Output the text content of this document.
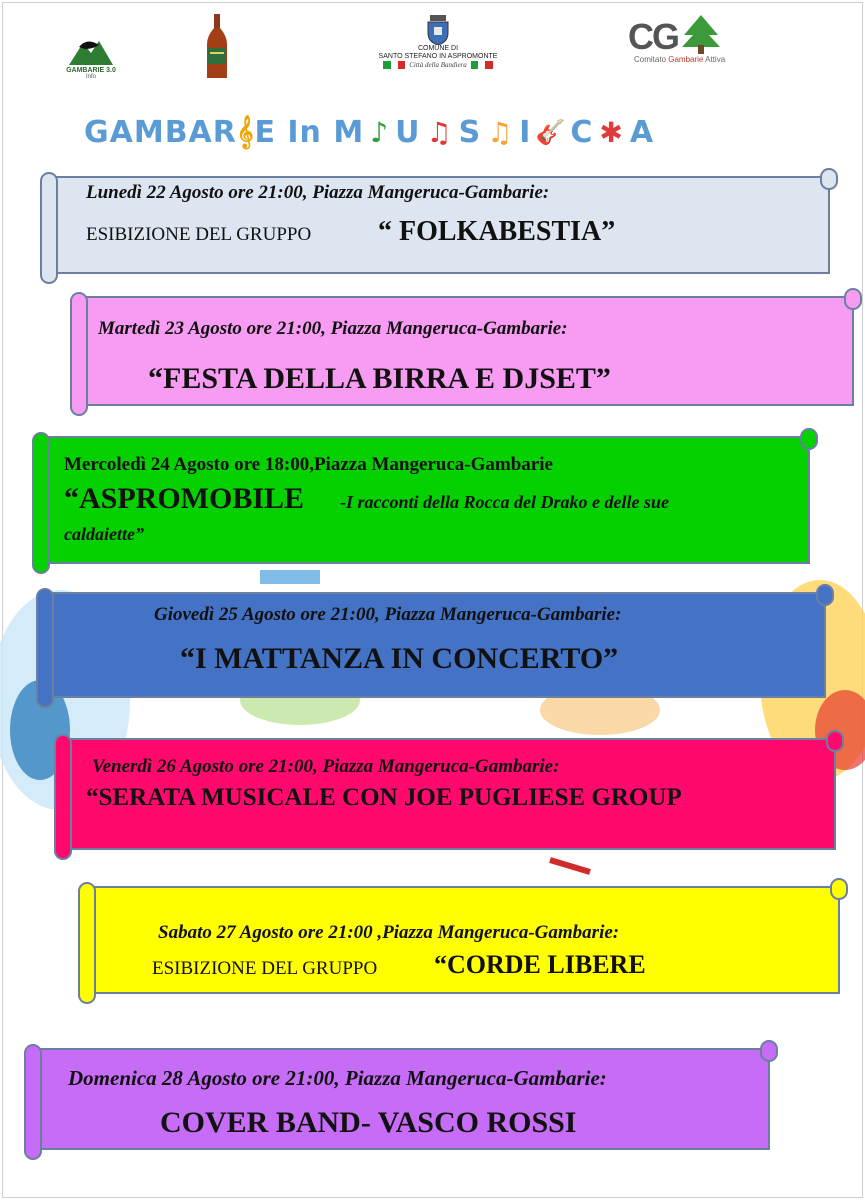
GAMBARIE 3.0
Info
COMUNE DI
SANTO STEFANO IN ASPROMONTE
Città della Bandiera
CG
Comitato Gambarie Attiva
GAMBAR 𝄞 E In M ♪ U ♫ S ♫ I 🎸 C ✱ A
Lunedì 22 Agosto ore 21:00, Piazza Mangeruca-Gambarie:
ESIBIZIONE DEL GRUPPO “ FOLKABESTIA”
Martedì 23 Agosto ore 21:00, Piazza Mangeruca-Gambarie:
“FESTA DELLA BIRRA E DJSET”
Mercoledì 24 Agosto ore 18:00,Piazza Mangeruca-Gambarie
“ASPROMOBILE -I racconti della Rocca del Drako e delle sue
caldaiette”
Giovedì 25 Agosto ore 21:00, Piazza Mangeruca-Gambarie:
“I MATTANZA IN CONCERTO”
Venerdì 26 Agosto ore 21:00, Piazza Mangeruca-Gambarie:
“SERATA MUSICALE CON JOE PUGLIESE GROUP
Sabato 27 Agosto ore 21:00 ,Piazza Mangeruca-Gambarie:
ESIBIZIONE DEL GRUPPO “CORDE LIBERE
Domenica 28 Agosto ore 21:00, Piazza Mangeruca-Gambarie:
COVER BAND- VASCO ROSSI
